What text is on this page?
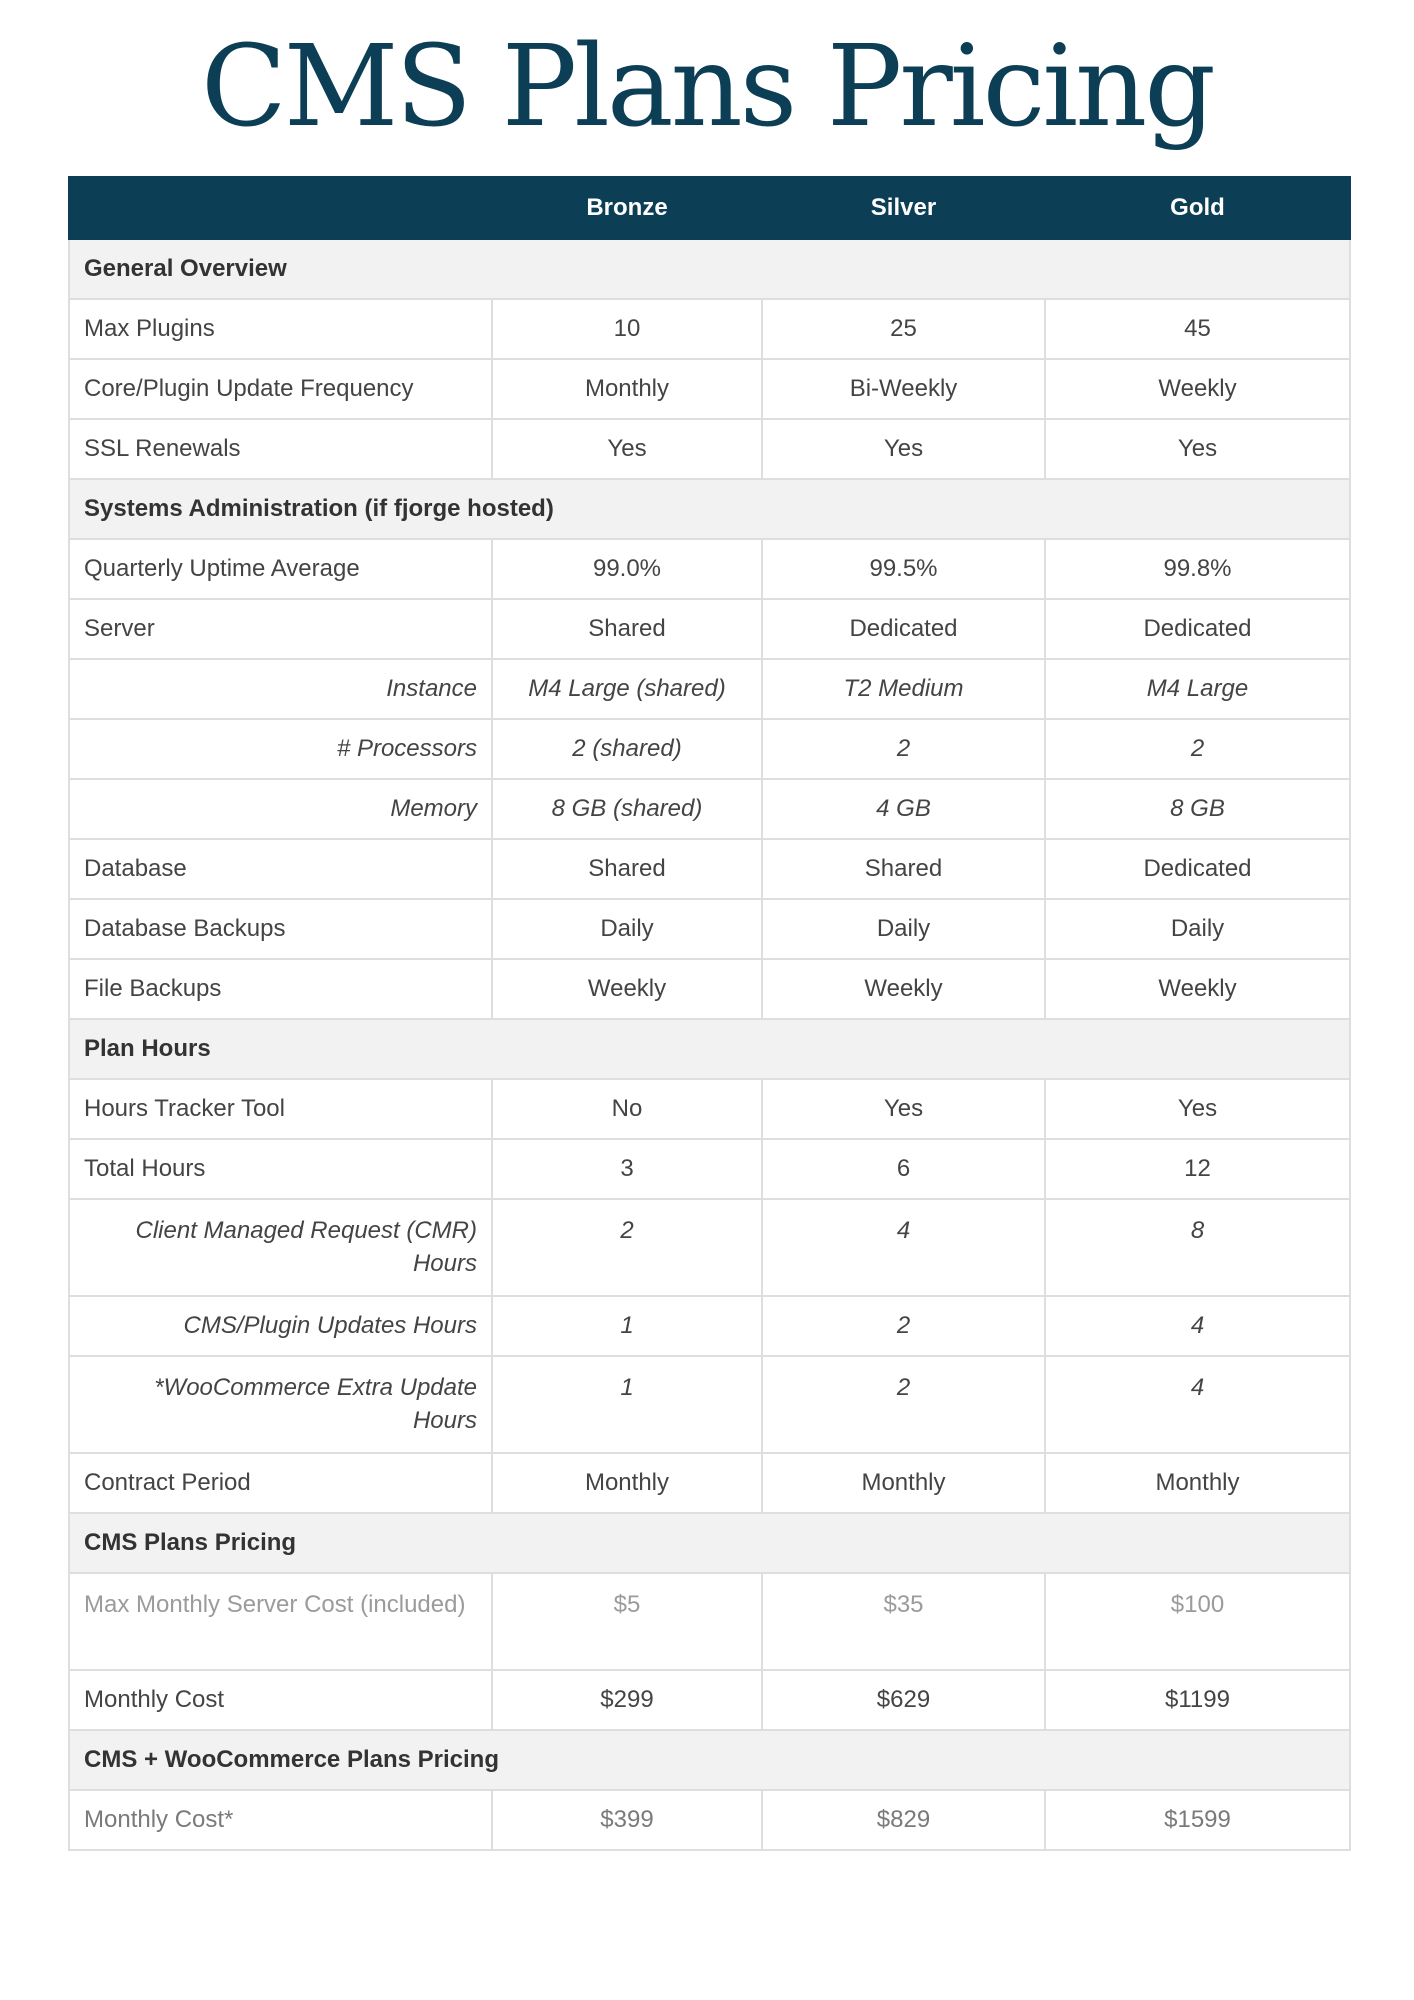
CMS Plans Pricing
	Bronze	Silver	Gold
General Overview			
Max Plugins	10	25	45
Core/Plugin Update Frequency	Monthly	Bi-Weekly	Weekly
SSL Renewals	Yes	Yes	Yes
Systems Administration (if fjorge hosted)			
Quarterly Uptime Average	99.0%	99.5%	99.8%
Server	Shared	Dedicated	Dedicated
Instance	M4 Large (shared)	T2 Medium	M4 Large
# Processors	2 (shared)	2	2
Memory	8 GB (shared)	4 GB	8 GB
Database	Shared	Shared	Dedicated
Database Backups	Daily	Daily	Daily
File Backups	Weekly	Weekly	Weekly
Plan Hours			
Hours Tracker Tool	No	Yes	Yes
Total Hours	3	6	12
Client Managed Request (CMR) Hours	2	4	8
CMS/Plugin Updates Hours	1	2	4
*WooCommerce Extra Update Hours	1	2	4
Contract Period	Monthly	Monthly	Monthly
CMS Plans Pricing			
Max Monthly Server Cost (included)	$5	$35	$100
Monthly Cost	$299	$629	$1199
CMS + WooCommerce Plans Pricing			
Monthly Cost*	$399	$829	$1599
